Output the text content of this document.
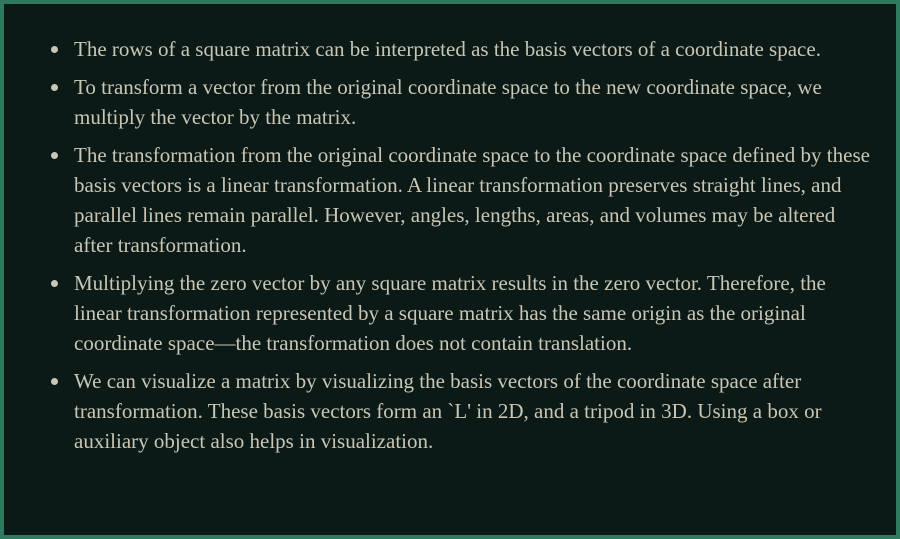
The rows of a square matrix can be interpreted as the basis vectors of a coordinate space.
To transform a vector from the original coordinate space to the new coordinate space, we multiply the vector by the matrix.
The transformation from the original coordinate space to the coordinate space defined by these basis vectors is a linear transformation. A linear transformation preserves straight lines, and parallel lines remain parallel. However, angles, lengths, areas, and volumes may be altered after transformation.
Multiplying the zero vector by any square matrix results in the zero vector. Therefore, the linear transformation represented by a square matrix has the same origin as the original coordinate space—the transformation does not contain translation.
We can visualize a matrix by visualizing the basis vectors of the coordinate space after transformation. These basis vectors form an `L' in 2D, and a tripod in 3D. Using a box or auxiliary object also helps in visualization.
